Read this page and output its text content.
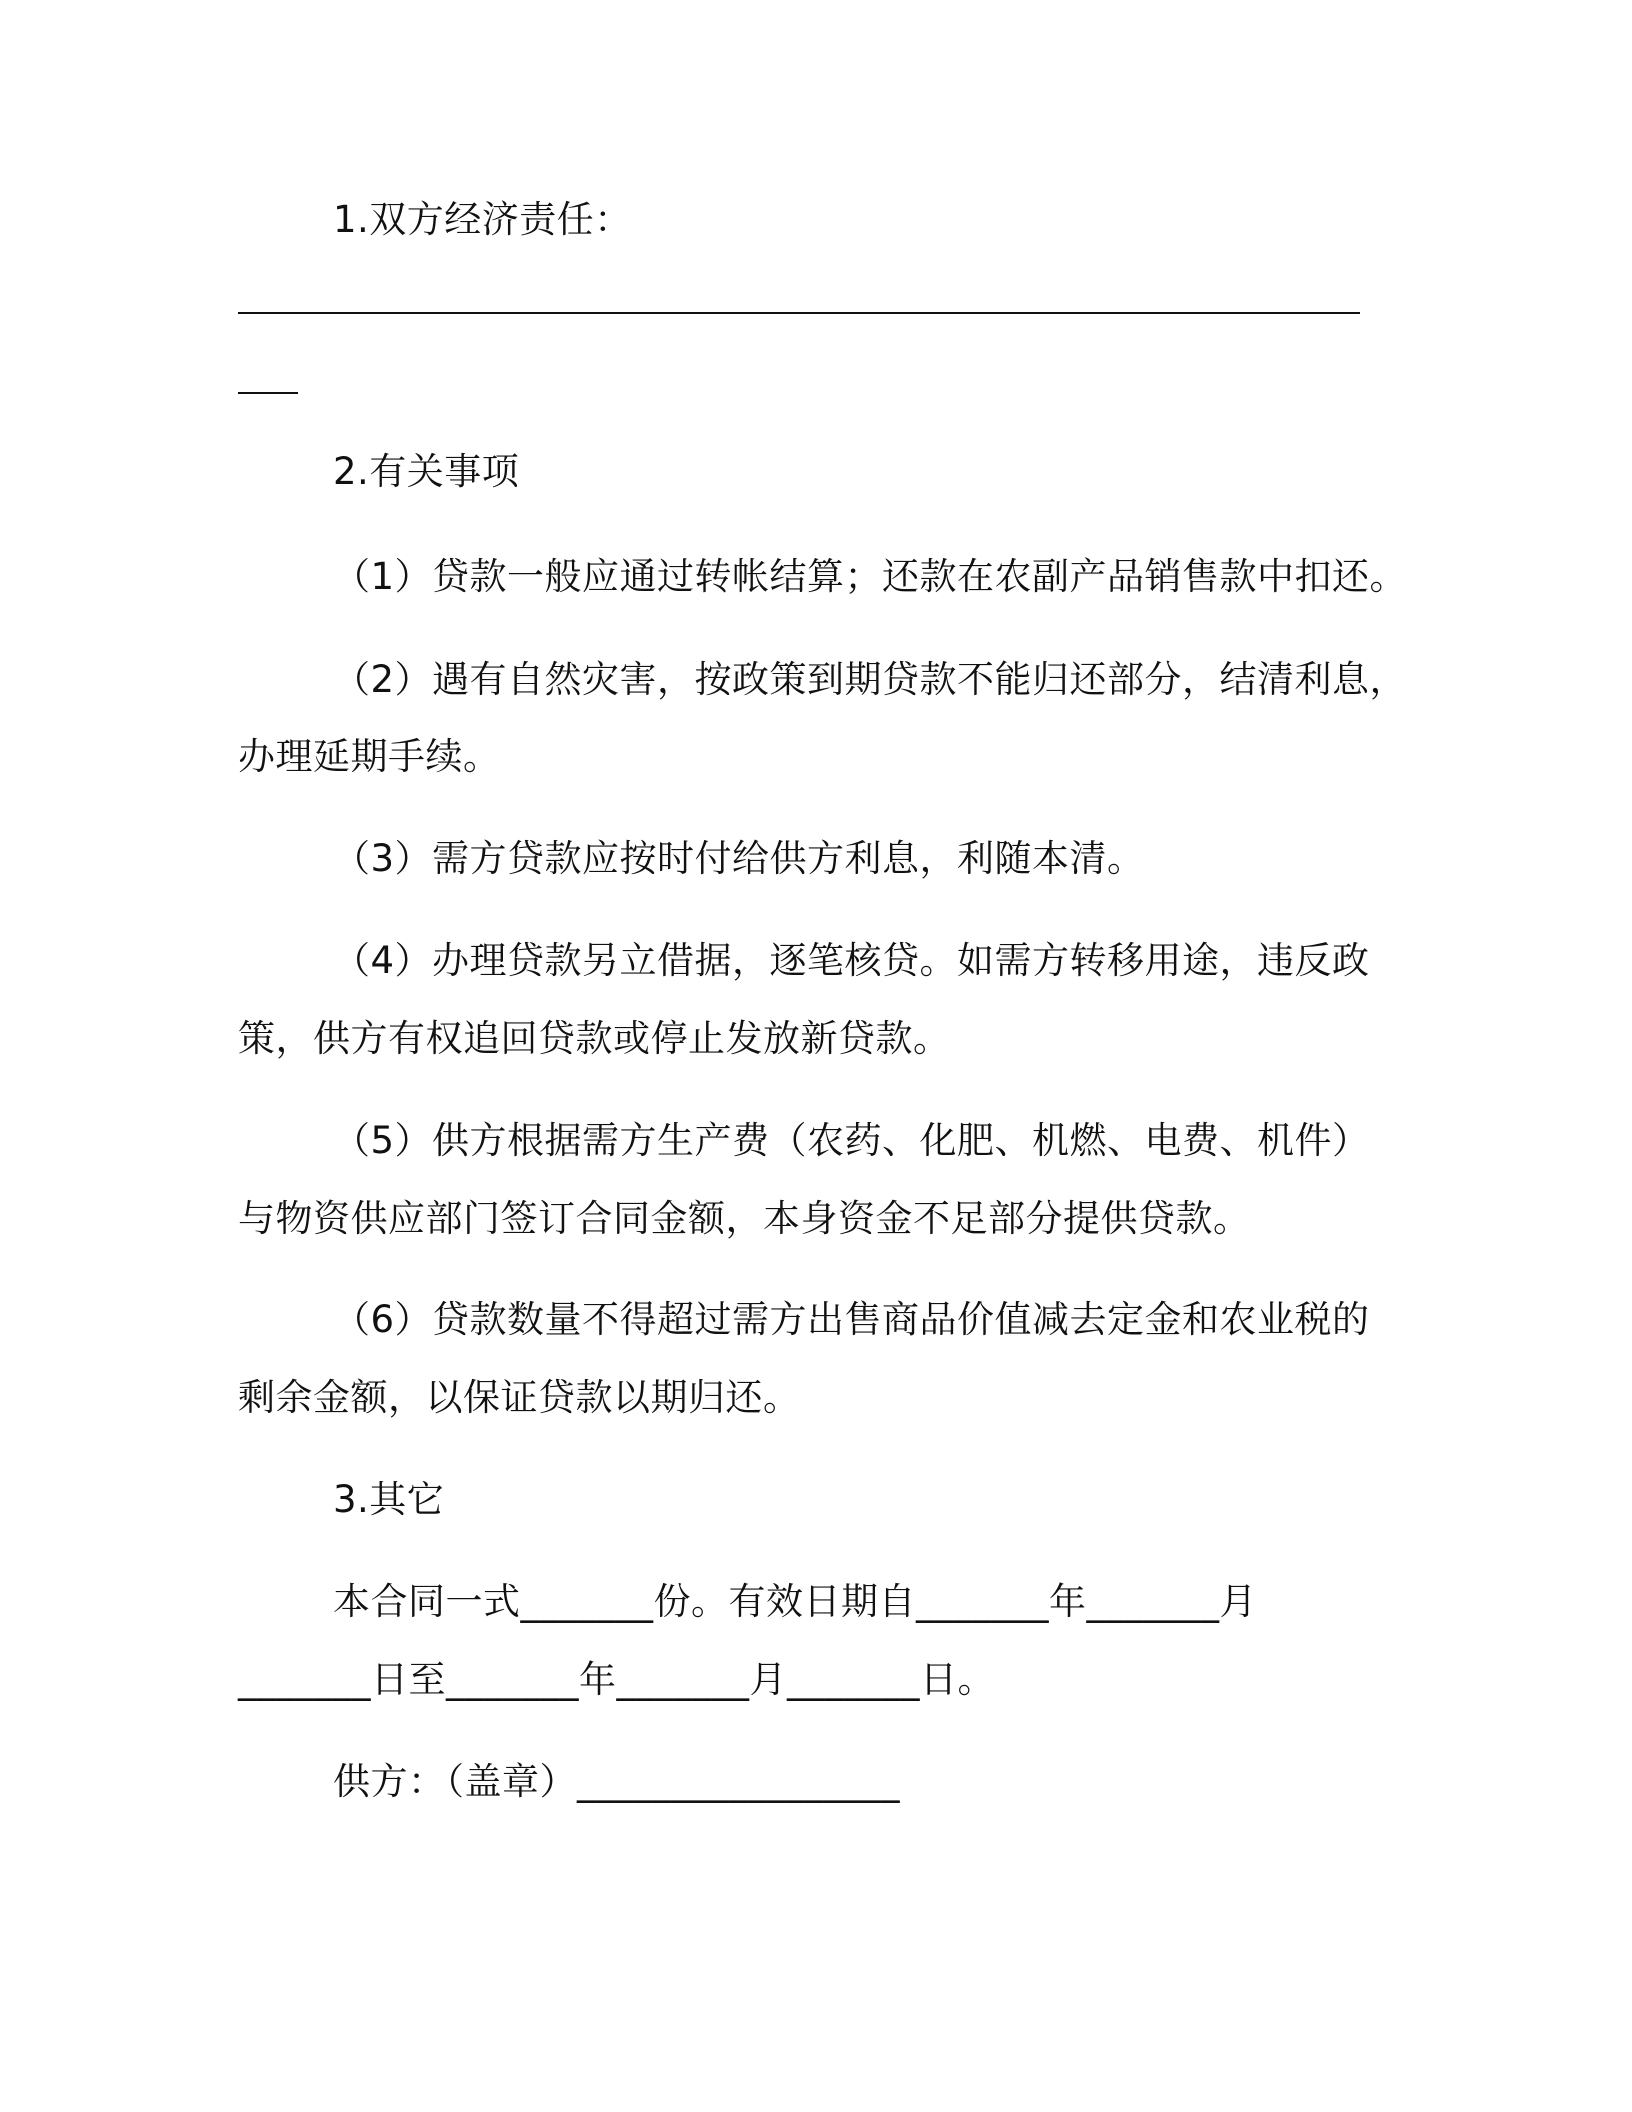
1.双方经济责任：
2.有关事项
（1）贷款一般应通过转帐结算；还款在农副产品销售款中扣还。
（2）遇有自然灾害，按政策到期贷款不能归还部分，结清利息，
办理延期手续。
（3）需方贷款应按时付给供方利息，利随本清。
（4）办理贷款另立借据，逐笔核贷。如需方转移用途，违反政
策，供方有权追回贷款或停止发放新贷款。
（5）供方根据需方生产费（农药、化肥、机燃、电费、机件）
与物资供应部门签订合同金额，本身资金不足部分提供贷款。
（6）贷款数量不得超过需方出售商品价值减去定金和农业税的
剩余金额，以保证贷款以期归还。
3.其它
本合同一式_______份。有效日期自_______年_______月
_______日至_______年_______月_______日。
供方：（盖章）_________________
